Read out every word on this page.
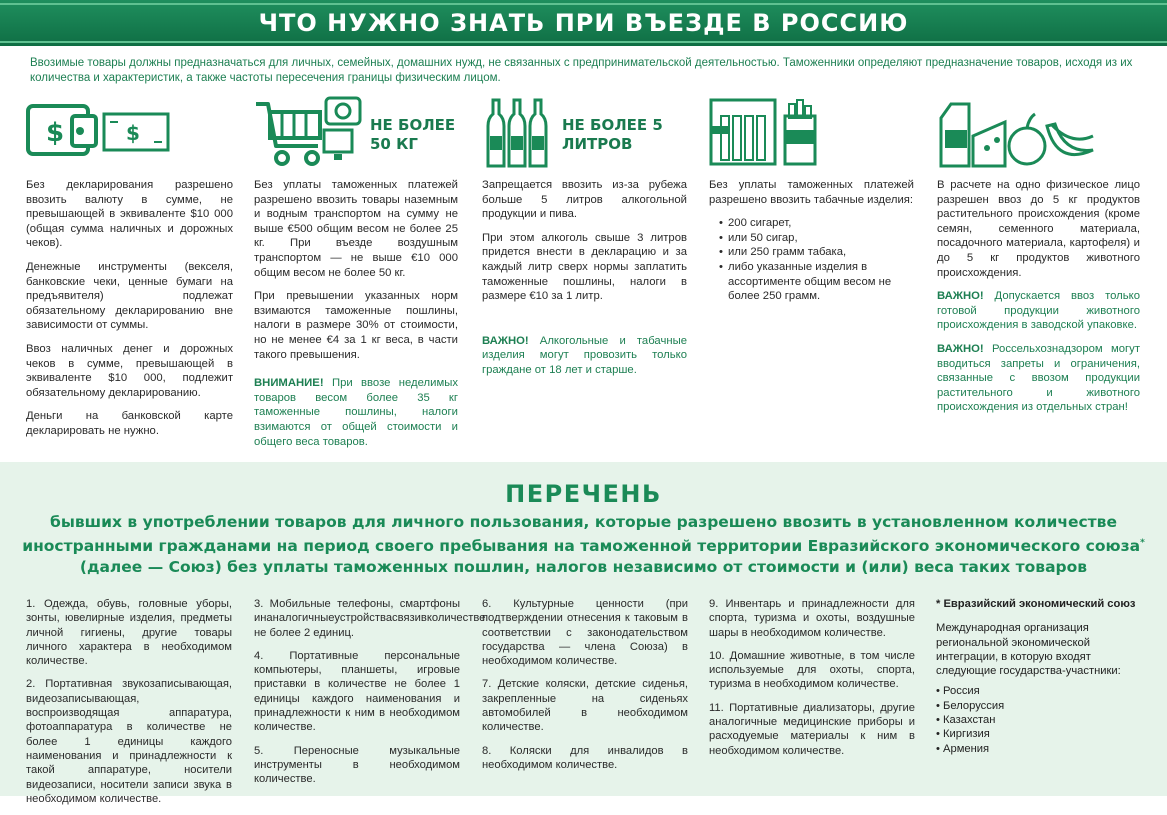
ЧТО НУЖНО ЗНАТЬ ПРИ ВЪЕЗДЕ В РОССИЮ
Ввозимые товары должны предназначаться для личных, семейных, домашних нужд, не связанных с предпринимательской деятельностью. Таможенники определяют предназначение товаров, исходя из их количества и характеристик, а также частоты пересечения границы физическим лицом.
$	$

Без декларирования разрешено ввозить валюту в сумме, не превышающей в эквиваленте $10 000 (общая сумма наличных и дорожных чеков).

Денежные инструменты (векселя, банковские чеки, ценные бумаги на предъявителя) подлежат обязательному декларированию вне зависимости от суммы.

Ввоз наличных денег и дорожных чеков в сумме, превышающей в эквиваленте $10 000, подлежит обязательному декларированию.

Деньги на банковской карте декларировать не нужно.

НЕ БОЛЕЕ 50 КГ

Без уплаты таможенных платежей разрешено ввозить товары наземным и водным транспортом на сумму не выше €500 общим весом не более 25 кг. При въезде воздушным транспортом — не выше €10 000 общим весом не более 50 кг.

При превышении указанных норм взимаются таможенные пошлины, налоги в размере 30% от стоимости, но не менее €4 за 1 кг веса, в части такого превышения.

ВНИМАНИЕ! При ввозе неделимых товаров весом более 35 кг таможенные пошлины, налоги взимаются от общей стоимости и общего веса товаров.

НЕ БОЛЕЕ 5 ЛИТРОВ

Запрещается ввозить из-за рубежа больше 5 литров алкогольной продукции и пива.

При этом алкоголь свыше 3 литров придется внести в декларацию и за каждый литр сверх нормы заплатить таможенные пошлины, налоги в размере €10 за 1 литр.

ВАЖНО! Алкогольные и табачные изделия могут провозить только граждане от 18 лет и старше.

Без уплаты таможенных платежей разрешено ввозить табачные изделия:

• 200 сигарет,
• или 50 сигар,
• или 250 грамм табака,
• либо указанные изделия в ассортименте общим весом не более 250 грамм.

В расчете на одно физическое лицо разрешен ввоз до 5 кг продуктов растительного происхождения (кроме семян, семенного материала, посадочного материала, картофеля) и до 5 кг продуктов животного происхождения.

ВАЖНО! Допускается ввоз только готовой продукции животного происхождения в заводской упаковке.

ВАЖНО! Россельхознадзором могут вводиться запреты и ограничения, связанные с ввозом продукции растительного и животного происхождения из отдельных стран!

ПЕРЕЧЕНЬ
бывших в употреблении товаров для личного пользования, которые разрешено ввозить в установленном количестве
иностранными гражданами на период своего пребывания на таможенной территории Евразийского экономического союза*
(далее — Союз) без уплаты таможенных пошлин, налогов независимо от стоимости и (или) веса таких товаров
1. Одежда, обувь, головные уборы, зонты, ювелирные изделия, предметы личной гигиены, другие товары личного характера в необходимом количестве.
2. Портативная звукозаписывающая, видеозаписывающая, воспроизводящая аппаратура, фотоаппаратура в количестве не более 1 единицы каждого наименования и принадлежности к такой аппаратуре, носители видеозаписи, носители записи звука в необходимом количестве.
3. Мобильные телефоны, смартфоны инаналогичныеустройствасвязивколичестве не более 2 единиц.
4. Портативные персональные компьютеры, планшеты, игровые приставки в количестве не более 1 единицы каждого наименования и принадлежности к ним в необходимом количестве.
5. Переносные музыкальные инструменты в необходимом количестве.
6. Культурные ценности (при подтверждении отнесения к таковым в соответствии с законодательством государства — члена Союза) в необходимом количестве.
7. Детские коляски, детские сиденья, закрепленные на сиденьях автомобилей в необходимом количестве.
8. Коляски для инвалидов в необходимом количестве.
9. Инвентарь и принадлежности для спорта, туризма и охоты, воздушные шары в необходимом количестве.
10. Домашние животные, в том числе используемые для охоты, спорта, туризма в необходимом количестве.
11. Портативные диализаторы, другие аналогичные медицинские приборы и расходуемые материалы к ним в необходимом количестве.
* Евразийский экономический союз
Международная организация региональной экономической интеграции, в которую входят следующие государства-участники:
• Россия
• Белоруссия
• Казахстан
• Киргизия
• Армения
